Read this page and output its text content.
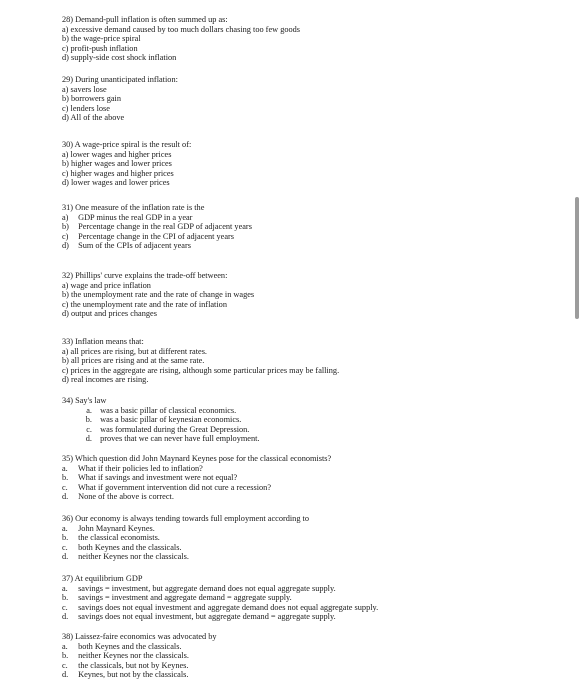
28) Demand-pull inflation is often summed up as:
a) excessive demand caused by too much dollars chasing too few goods
b) the wage-price spiral
c) profit-push inflation
d) supply-side cost shock inflation
29) During unanticipated inflation:
a) savers lose
b) borrowers gain
c) lenders lose
d) All of the above
30) A wage-price spiral is the result of:
a) lower wages and higher prices
b) higher wages and lower prices
c) higher wages and higher prices
d) lower wages and lower prices
31) One measure of the inflation rate is the
a) GDP minus the real GDP in a year
b) Percentage change in the real GDP of adjacent years
c) Percentage change in the CPI of adjacent years
d) Sum of the CPIs of adjacent years
32) Phillips' curve explains the trade-off between:
a) wage and price inflation
b) the unemployment rate and the rate of change in wages
c) the unemployment rate and the rate of inflation
d) output and prices changes
33) Inflation means that:
a) all prices are rising, but at different rates.
b) all prices are rising and at the same rate.
c) prices in the aggregate are rising, although some particular prices may be falling.
d) real incomes are rising.
34) Say's law
a. was a basic pillar of classical economics.
b. was a basic pillar of keynesian economics.
c. was formulated during the Great Depression.
d. proves that we can never have full employment.
35) Which question did John Maynard Keynes pose for the classical economists?
a. What if their policies led to inflation?
b. What if savings and investment were not equal?
c. What if government intervention did not cure a recession?
d. None of the above is correct.
36) Our economy is always tending towards full employment according to
a. John Maynard Keynes.
b. the classical economists.
c. both Keynes and the classicals.
d. neither Keynes nor the classicals.
37) At equilibrium GDP
a. savings = investment, but aggregate demand does not equal aggregate supply.
b. savings = investment and aggregate demand = aggregate supply.
c. savings does not equal investment and aggregate demand does not equal aggregate supply.
d. savings does not equal investment, but aggregate demand = aggregate supply.
38) Laissez-faire economics was advocated by
a. both Keynes and the classicals.
b. neither Keynes nor the classicals.
c. the classicals, but not by Keynes.
d. Keynes, but not by the classicals.
